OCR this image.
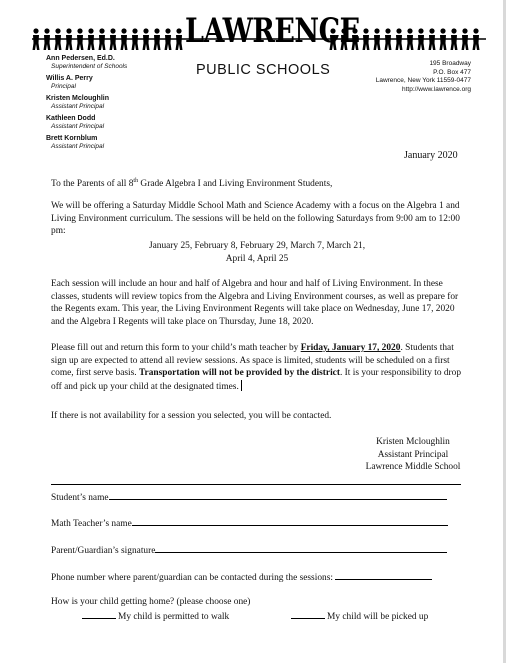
LAWRENCE
PUBLIC SCHOOLS
Ann Pedersen, Ed.D.
Superintendent of Schools
Willis A. Perry
Principal
Kristen Mcloughlin
Assistant Principal
Kathleen Dodd
Assistant Principal
Brett Kornblum
Assistant Principal
195 Broadway
P.O. Box 477
Lawrence, New York 11559-0477
http://www.lawrence.org
January 2020
To the Parents of all 8th Grade Algebra I and Living Environment Students,
We will be offering a Saturday Middle School Math and Science Academy with a focus on the Algebra 1 and Living Environment curriculum. The sessions will be held on the following Saturdays from 9:00 am to 12:00 pm:
January 25, February 8, February 29, March 7, March 21,
April 4, April 25
Each session will include an hour and half of Algebra and hour and half of Living Environment. In these classes, students will review topics from the Algebra and Living Environment courses, as well as prepare for the Regents exam. This year, the Living Environment Regents will take place on Wednesday, June 17, 2020 and the Algebra I Regents will take place on Thursday, June 18, 2020.
Please fill out and return this form to your child’s math teacher by Friday, January 17, 2020. Students that sign up are expected to attend all review sessions. As space is limited, students will be scheduled on a first come, first serve basis. Transportation will not be provided by the district. It is your responsibility to drop off and pick up your child at the designated times.
If there is not availability for a session you selected, you will be contacted.
Kristen Mcloughlin
Assistant Principal
Lawrence Middle School
Student’s name
Math Teacher’s name
Parent/Guardian’s signature
Phone number where parent/guardian can be contacted during the sessions:
How is your child getting home? (please choose one)
My child is permitted to walk	My child will be picked up
